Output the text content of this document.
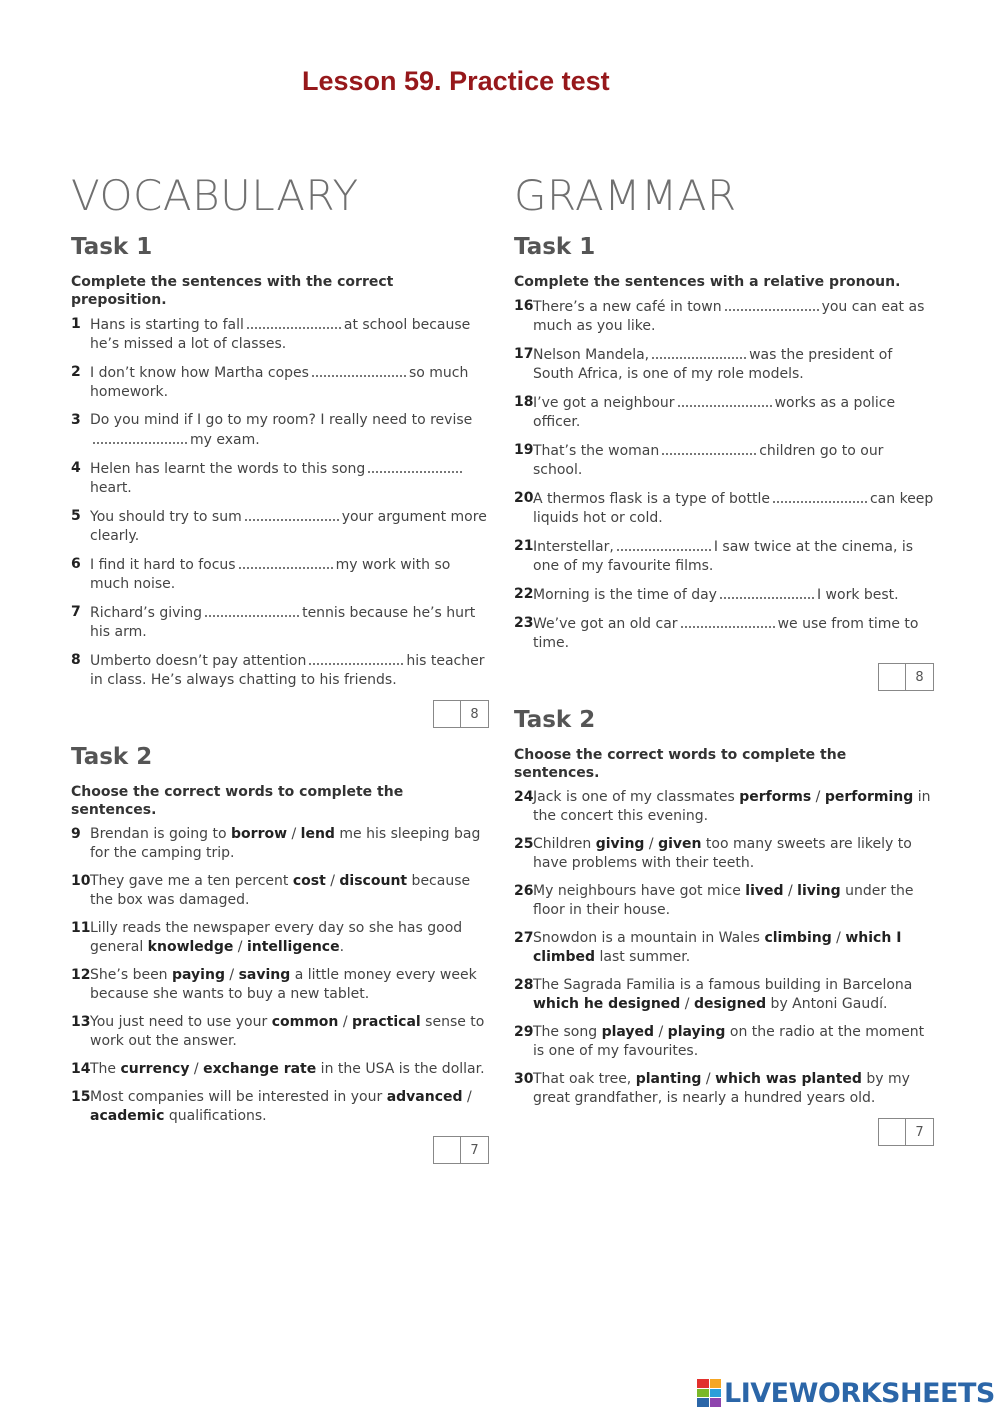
Lesson 59. Practice test
VOCABULARY
Task 1

Complete the sentences with the correct preposition.

1 Hans is starting to fall	at school because he’s missed a lot of classes.
2 I don’t know how Martha copes	so much homework.
3 Do you mind if I go to my room? I really need to revisemy exam.
4 Helen has learnt the words to this songheart.
5 You should try to sum	your argument more clearly.
6 I find it hard to focus	my work with so much noise.
7 Richard’s giving	tennis because he’s hurt his arm.
8 Umberto doesn’t pay attention	his teacher in class. He’s always chatting to his friends.
8
Task 2

Choose the correct words to complete the sentences.

9 Brendan is going to borrow / lend me his sleeping bag for the camping trip.
10 They gave me a ten percent cost / discount because the box was damaged.
11 Lilly reads the newspaper every day so she has good general knowledge / intelligence.
12 She’s been paying / saving a little money every week because she wants to buy a new tablet.
13 You just need to use your common / practical sense to work out the answer.
14 The currency / exchange rate in the USA is the dollar.
15 Most companies will be interested in your advanced / academic qualifications.
7
GRAMMAR
Task 1

Complete the sentences with a relative pronoun.

16 There’s a new café in town	you can eat as much as you like.
17 Nelson Mandela,	was the president of South Africa, is one of my role models.
18 I’ve got a neighbour	works as a police officer.
19 That’s the woman	children go to our school.
20 A thermos flask is a type of bottle	can keep liquids hot or cold.
21 Interstellar,	I saw twice at the cinema, is one of my favourite films.
22 Morning is the time of day	I work best.
23 We’ve got an old car	we use from time to time.
8
Task 2

Choose the correct words to complete the sentences.

24 Jack is one of my classmates performs / performing in the concert this evening.
25 Children giving / given too many sweets are likely to have problems with their teeth.
26 My neighbours have got mice lived / living under the floor in their house.
27 Snowdon is a mountain in Wales climbing / which I climbed last summer.
28 The Sagrada Familia is a famous building in Barcelona which he designed / designed by Antoni Gaudí.
29 The song played / playing on the radio at the moment is one of my favourites.
30 That oak tree, planting / which was planted by my great grandfather, is nearly a hundred years old.
7
LIVEWORKSHEETS
